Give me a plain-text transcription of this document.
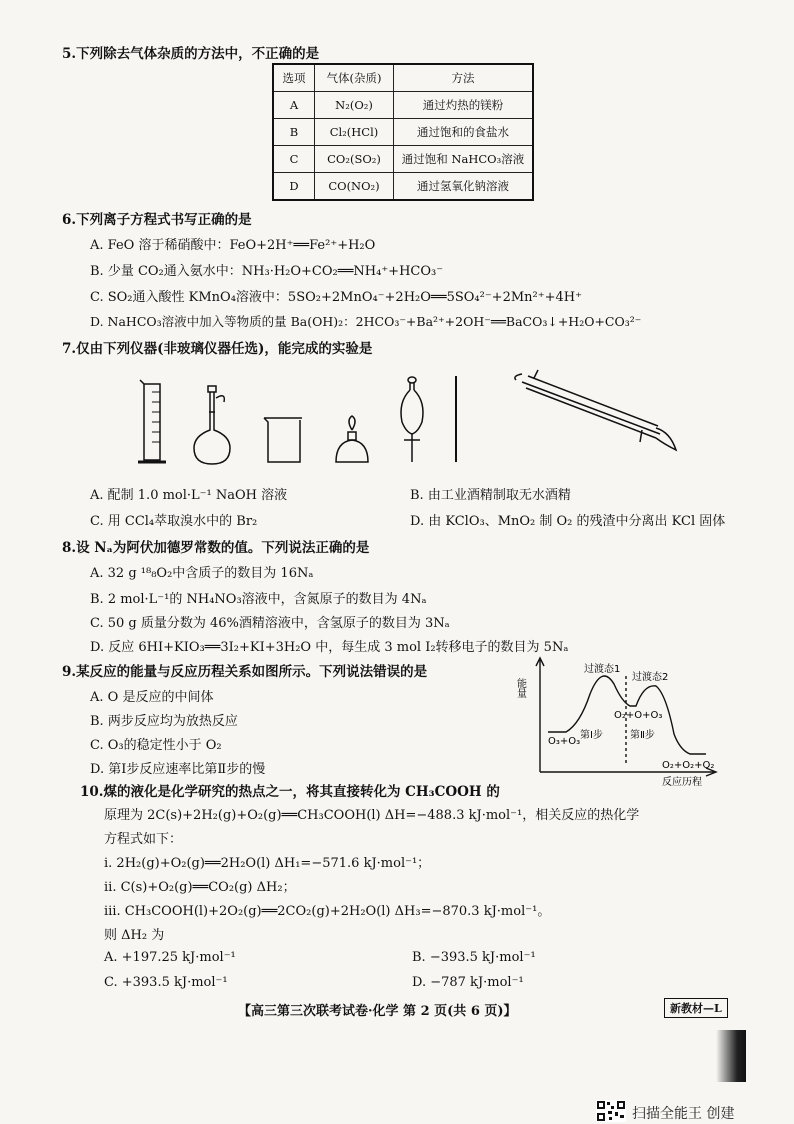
5.下列除去气体杂质的方法中，不正确的是
选项	气体(杂质)	方法
A	N₂(O₂)	通过灼热的镁粉
B	Cl₂(HCl)	通过饱和的食盐水
C	CO₂(SO₂)	通过饱和 NaHCO₃溶液
D	CO(NO₂)	通过氢氧化钠溶液
6.下列离子方程式书写正确的是
A. FeO 溶于稀硝酸中：FeO+2H⁺══Fe²⁺+H₂O
B. 少量 CO₂通入氨水中：NH₃·H₂O+CO₂══NH₄⁺+HCO₃⁻
C. SO₂通入酸性 KMnO₄溶液中：5SO₂+2MnO₄⁻+2H₂O══5SO₄²⁻+2Mn²⁺+4H⁺
D. NaHCO₃溶液中加入等物质的量 Ba(OH)₂：2HCO₃⁻+Ba²⁺+2OH⁻══BaCO₃↓+H₂O+CO₃²⁻
7.仅由下列仪器(非玻璃仪器任选)，能完成的实验是
A. 配制 1.0 mol·L⁻¹ NaOH 溶液	B. 由工业酒精制取无水酒精
C. 用 CCl₄萃取溴水中的 Br₂	D. 由 KClO₃、MnO₂ 制 O₂ 的残渣中分离出 KCl 固体
8.设 Nₐ为阿伏加德罗常数的值。下列说法正确的是
A. 32 g ¹⁸₈O₂中含质子的数目为 16Nₐ
B. 2 mol·L⁻¹的 NH₄NO₃溶液中，含氮原子的数目为 4Nₐ
C. 50 g 质量分数为 46%酒精溶液中，含氢原子的数目为 3Nₐ
D. 反应 6HI+KIO₃══3I₂+KI+3H₂O 中，每生成 3 mol I₂转移电子的数目为 5Nₐ
9.某反应的能量与反应历程关系如图所示。下列说法错误的是
A. O 是反应的中间体
B. 两步反应均为放热反应
C. O₃的稳定性小于 O₂
D. 第Ⅰ步反应速率比第Ⅱ步的慢
能量
反应历程
过渡态1
过渡态2
O₃+O₃
O₂+O+O₃
O₂+O₂+O₂
第Ⅰ步	第Ⅱ步
10.煤的液化是化学研究的热点之一，将其直接转化为 CH₃COOH 的
原理为 2C(s)+2H₂(g)+O₂(g)══CH₃COOH(l) ΔH=−488.3 kJ·mol⁻¹，相关反应的热化学
方程式如下：
ⅰ. 2H₂(g)+O₂(g)══2H₂O(l) ΔH₁=−571.6 kJ·mol⁻¹；
ⅱ. C(s)+O₂(g)══CO₂(g) ΔH₂；
ⅲ. CH₃COOH(l)+2O₂(g)══2CO₂(g)+2H₂O(l) ΔH₃=−870.3 kJ·mol⁻¹。
则 ΔH₂ 为
A. +197.25 kJ·mol⁻¹	B. −393.5 kJ·mol⁻¹
C. +393.5 kJ·mol⁻¹	D. −787 kJ·mol⁻¹
【高三第三次联考试卷·化学 第 2 页(共 6 页)】	新教材—L
扫描全能王 创建
